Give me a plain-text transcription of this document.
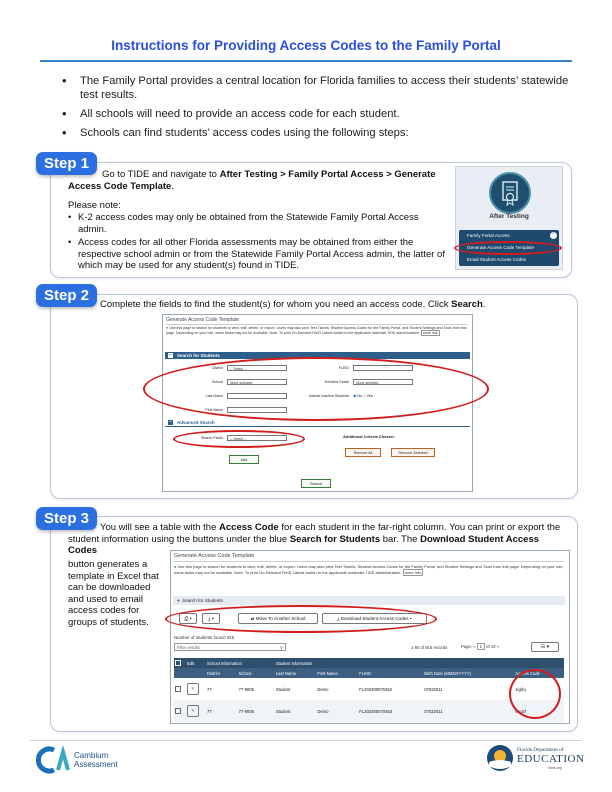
Instructions for Providing Access Codes to the Family Portal
• The Family Portal provides a central location for Florida families to access their students’ statewide test results.
• All schools will need to provide an access code for each student.
• Schools can find students’ access codes using the following steps:
Step 1
Go to TIDE and navigate to After Testing > Family Portal Access > Generate Access Code Template.
Please note:
• K-2 access codes may only be obtained from the Statewide Family Portal Access admin.
• Access codes for all other Florida assessments may be obtained from either the respective school admin or from the Statewide Family Portal Access admin, the latter of which may be used for any student(s) found in TIDE.
After Testing
Family Portal Access	⌃
Generate Access Code Template
Email Student Access Codes
Step 2
Complete the fields to find the student(s) for whom you need an access code. Click Search.
Generate Access Code Template
● Use this page to search for students to view, edit, delete, or export. Users may also print Test Tickets, Student Access Codes for the Family Portal, and Student Settings and Tools from this page. Depending on your role, some tasks may not be available. Note: To print On-Demand FleID Labels switch to the applicable materials TIDE administration. more info
− Search for Students
District	-- Select --
School	None selected
Last Name
First Name
FLEID
Enrolled Grade	None selected
Include Inactive Students ◉ No ○ Yes
− Advanced Search
Search Fields	-- Select --
Add
Additional Criteria Chosen:
Remove All	Remove Selected
Search
Step 3
You will see a table with the Access Code for each student in the far-right column. You can print or export the student information using the buttons under the blue Search for Students bar. The Download Student Access Codes
button generates a template in Excel that can be downloaded and used to email access codes for groups of students.
Generate Access Code Template
● Use this page to search for students to view, edit, delete, or export. Users may also print Test Tickets, Student Access Codes for the Family Portal, and Student Settings and Tools from this page. Depending on your role, some tasks may not be available. Note: To print On-Demand FleID Labels switch to the applicable materials TIDE administration. more info
+ Search for Students
⎙ ▾	⤓ ▾	⇄ Move To Another School	⤓ Download Student Access Codes ▾
Number of students found: 915
Filter results	⚲	1-50 of 915 records	Page: « 1 of 19 »	☷ ▾
	Edit	School Information		Student Information				
		District	School	Last Name	First Name	FLEID	Birth Date (MMDDYYYY)	Access Code
	✎	77	77-9005	Student	Demo	FL202300070452	07022011	1igfrq
	✎	77	77-9005	Student	Demo	FL202300070453	07022011	vixgzf
Cambium
Assessment
Florida Department of
EDUCATION
fldoe.org
